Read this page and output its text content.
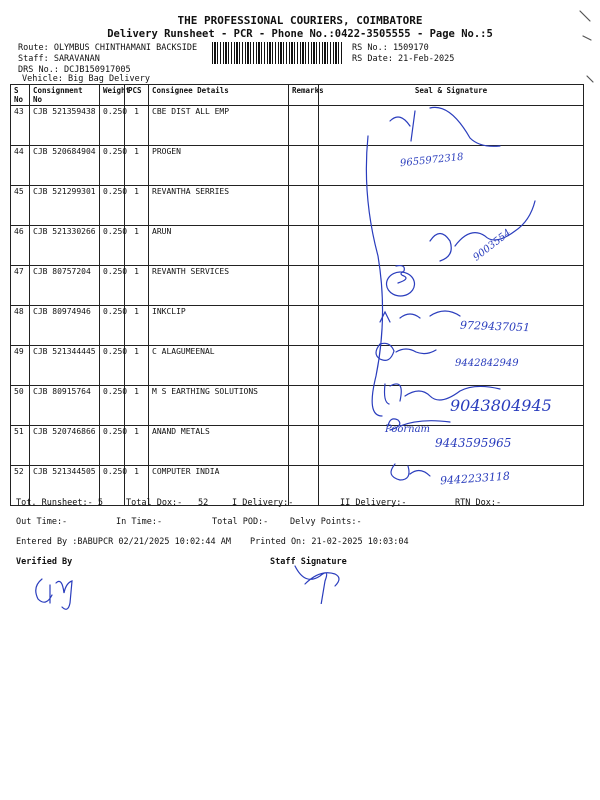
THE PROFESSIONAL COURIERS, COIMBATORE
Delivery Runsheet - PCR - Phone No.:0422-3505555 - Page No.:5
Route: OLYMBUS CHINTHAMANI BACKSIDE
Staff: SARAVANAN
DRS No.: DCJB150917005
Vehicle: Big Bag Delivery
RS No.: 1509170
RS Date: 21-Feb-2025
S No	Consignment No	Weight	PCS	Consignee Details	Remarks	Seal & Signature
43	CJB 521359438	0.250	1	CBE DIST ALL EMP		
44	CJB 520684904	0.250	1	PROGEN		
45	CJB 521299301	0.250	1	REVANTHA SERRIES		
46	CJB 521330266	0.250	1	ARUN		
47	CJB 80757204	0.250	1	REVANTH SERVICES		
48	CJB 80974946	0.250	1	INKCLIP		
49	CJB 521344445	0.250	1	C ALAGUMEENAL		
50	CJB 80915764	0.250	1	M S EARTHING SOLUTIONS		
51	CJB 520746866	0.250	1	ANAND METALS		
52	CJB 521344505	0.250	1	COMPUTER INDIA		
9655972318
9003554
9729437051
9442842949
9043804945
Poornam
9443595965
9442233118
Tot. Runsheet:- 5	Total Dox:- 52	I Delivery:-	II Delivery:-	RTN Dox:-
Out Time:-	In Time:-	Total POD:-	Delvy Points:-
Entered By :BABUPCR 02/21/2025 10:02:44 AM Printed On: 21-02-2025 10:03:04
Verified By	Staff Signature
